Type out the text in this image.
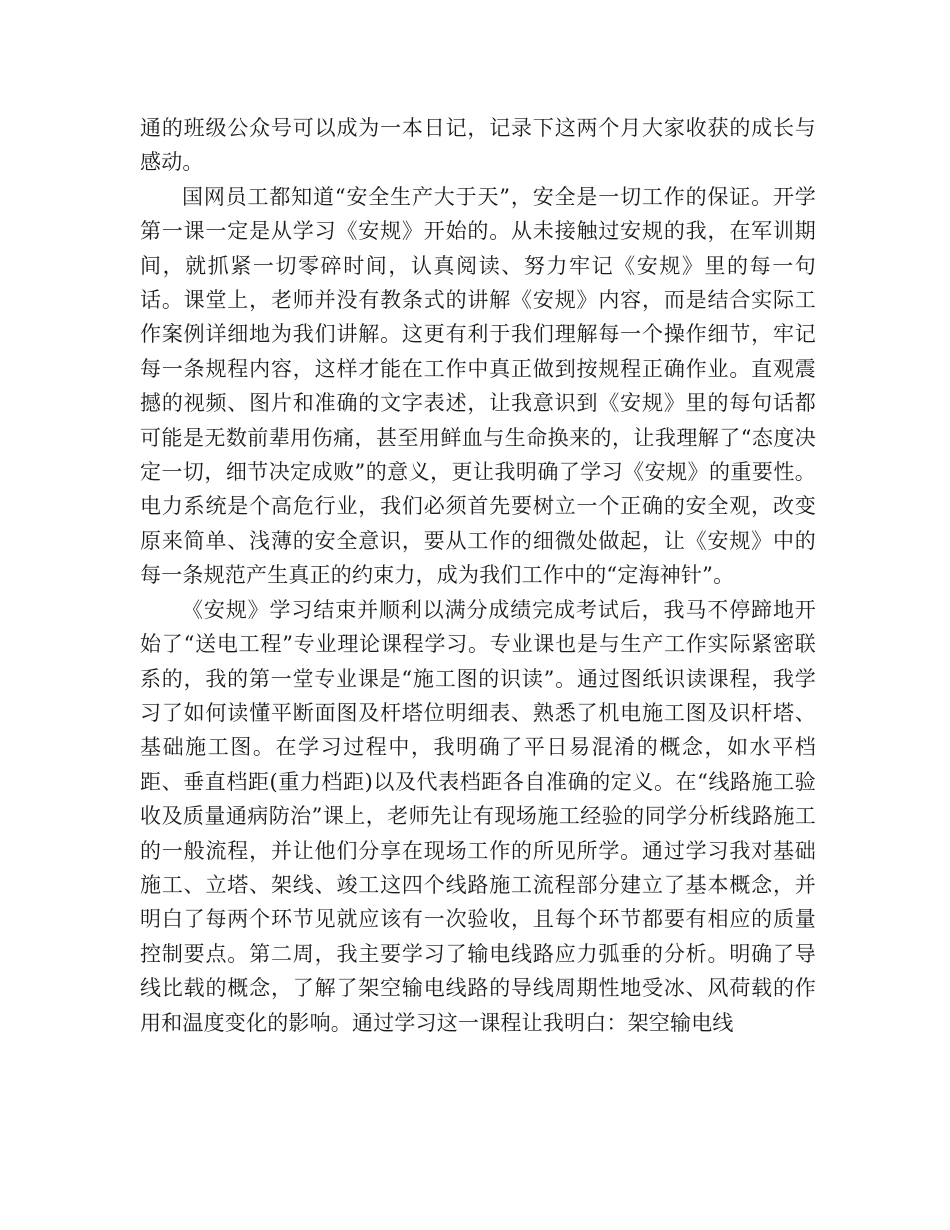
通的班级公众号可以成为一本日记，记录下这两个月大家收获的成长与感动。

国网员工都知道“安全生产大于天”，安全是一切工作的保证。开学第一课一定是从学习《安规》开始的。从未接触过安规的我，在军训期间，就抓紧一切零碎时间，认真阅读、努力牢记《安规》里的每一句话。课堂上，老师并没有教条式的讲解《安规》内容，而是结合实际工作案例详细地为我们讲解。这更有利于我们理解每一个操作细节，牢记每一条规程内容，这样才能在工作中真正做到按规程正确作业。直观震撼的视频、图片和准确的文字表述，让我意识到《安规》里的每句话都可能是无数前辈用伤痛，甚至用鲜血与生命换来的，让我理解了“态度决定一切，细节决定成败”的意义，更让我明确了学习《安规》的重要性。电力系统是个高危行业，我们必须首先要树立一个正确的安全观，改变原来简单、浅薄的安全意识，要从工作的细微处做起，让《安规》中的每一条规范产生真正的约束力，成为我们工作中的“定海神针”。

《安规》学习结束并顺利以满分成绩完成考试后，我马不停蹄地开始了“送电工程”专业理论课程学习。专业课也是与生产工作实际紧密联系的，我的第一堂专业课是“施工图的识读”。通过图纸识读课程，我学习了如何读懂平断面图及杆塔位明细表、熟悉了机电施工图及识杆塔、基础施工图。在学习过程中，我明确了平日易混淆的概念，如水平档距、垂直档距(重力档距)以及代表档距各自准确的定义。在“线路施工验收及质量通病防治”课上，老师先让有现场施工经验的同学分析线路施工的一般流程，并让他们分享在现场工作的所见所学。通过学习我对基础施工、立塔、架线、竣工这四个线路施工流程部分建立了基本概念，并明白了每两个环节见就应该有一次验收，且每个环节都要有相应的质量控制要点。第二周，我主要学习了输电线路应力弧垂的分析。明确了导线比载的概念，了解了架空输电线路的导线周期性地受冰、风荷载的作用和温度变化的影响。通过学习这一课程让我明白：架空输电线
